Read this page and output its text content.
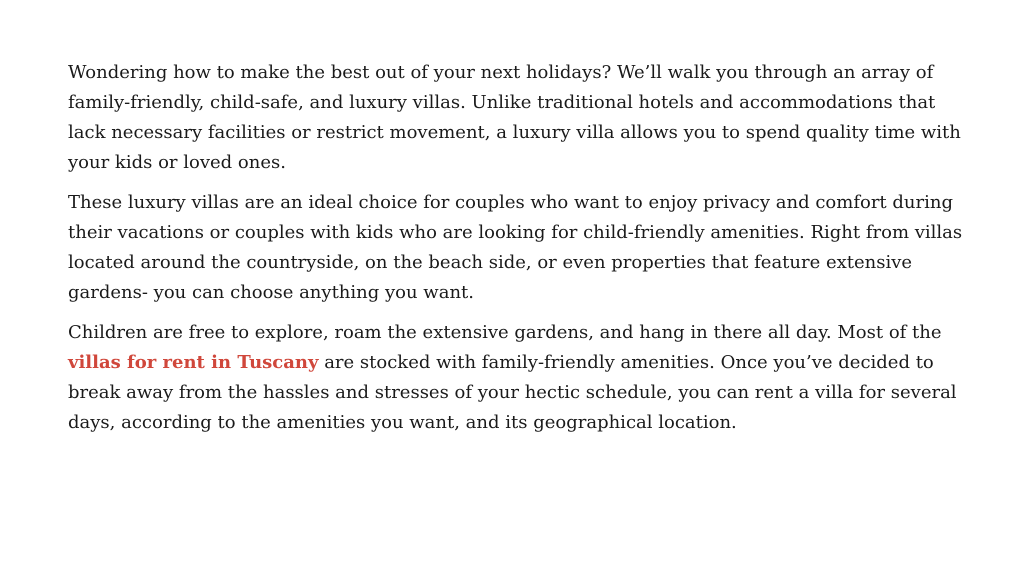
Wondering how to make the best out of your next holidays? We’ll walk you through an array of family-friendly, child-safe, and luxury villas. Unlike traditional hotels and accommodations that lack necessary facilities or restrict movement, a luxury villa allows you to spend quality time with your kids or loved ones.

These luxury villas are an ideal choice for couples who want to enjoy privacy and comfort during their vacations or couples with kids who are looking for child-friendly amenities. Right from villas located around the countryside, on the beach side, or even properties that feature extensive gardens- you can choose anything you want.

Children are free to explore, roam the extensive gardens, and hang in there all day. Most of the villas for rent in Tuscany are stocked with family-friendly amenities. Once you’ve decided to break away from the hassles and stresses of your hectic schedule, you can rent a villa for several days, according to the amenities you want, and its geographical location.
